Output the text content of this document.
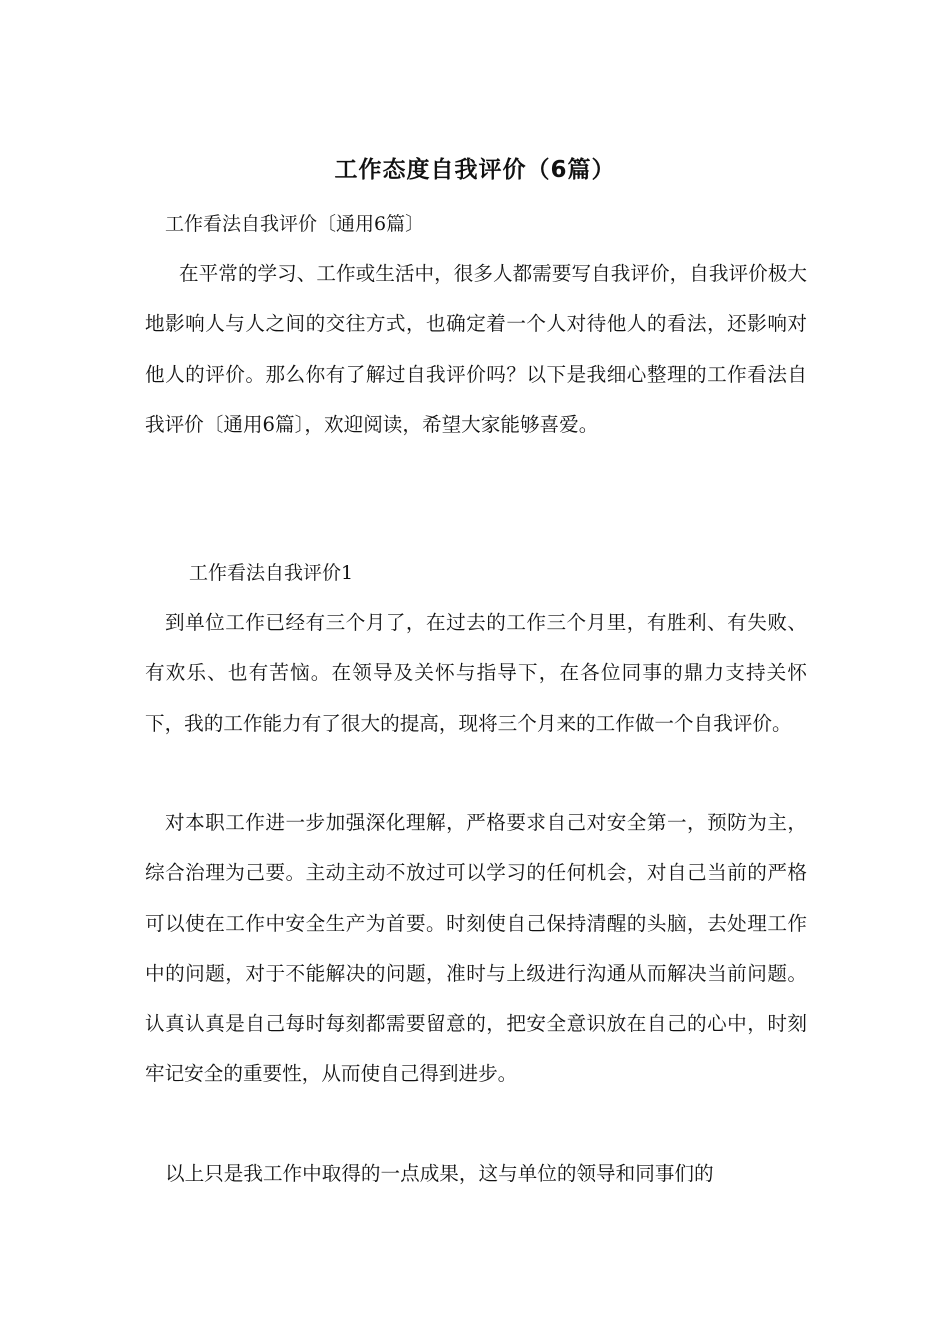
工作态度自我评价（6篇）
工作看法自我评价〔通用6篇〕

在平常的学习、工作或生活中，很多人都需要写自我评价，自我评价极大地影响人与人之间的交往方式，也确定着一个人对待他人的看法，还影响对他人的评价。那么你有了解过自我评价吗？以下是我细心整理的工作看法自我评价〔通用6篇〕，欢迎阅读，希望大家能够喜爱。

工作看法自我评价1

到单位工作已经有三个月了，在过去的工作三个月里，有胜利、有失败、有欢乐、也有苦恼。在领导及关怀与指导下，在各位同事的鼎力支持关怀下，我的工作能力有了很大的提高，现将三个月来的工作做一个自我评价。

对本职工作进一步加强深化理解，严格要求自己对安全第一，预防为主，综合治理为己要。主动主动不放过可以学习的任何机会，对自己当前的严格可以使在工作中安全生产为首要。时刻使自己保持清醒的头脑，去处理工作中的问题，对于不能解决的问题，准时与上级进行沟通从而解决当前问题。认真认真是自己每时每刻都需要留意的，把安全意识放在自己的心中，时刻牢记安全的重要性，从而使自己得到进步。

以上只是我工作中取得的一点成果，这与单位的领导和同事们的
